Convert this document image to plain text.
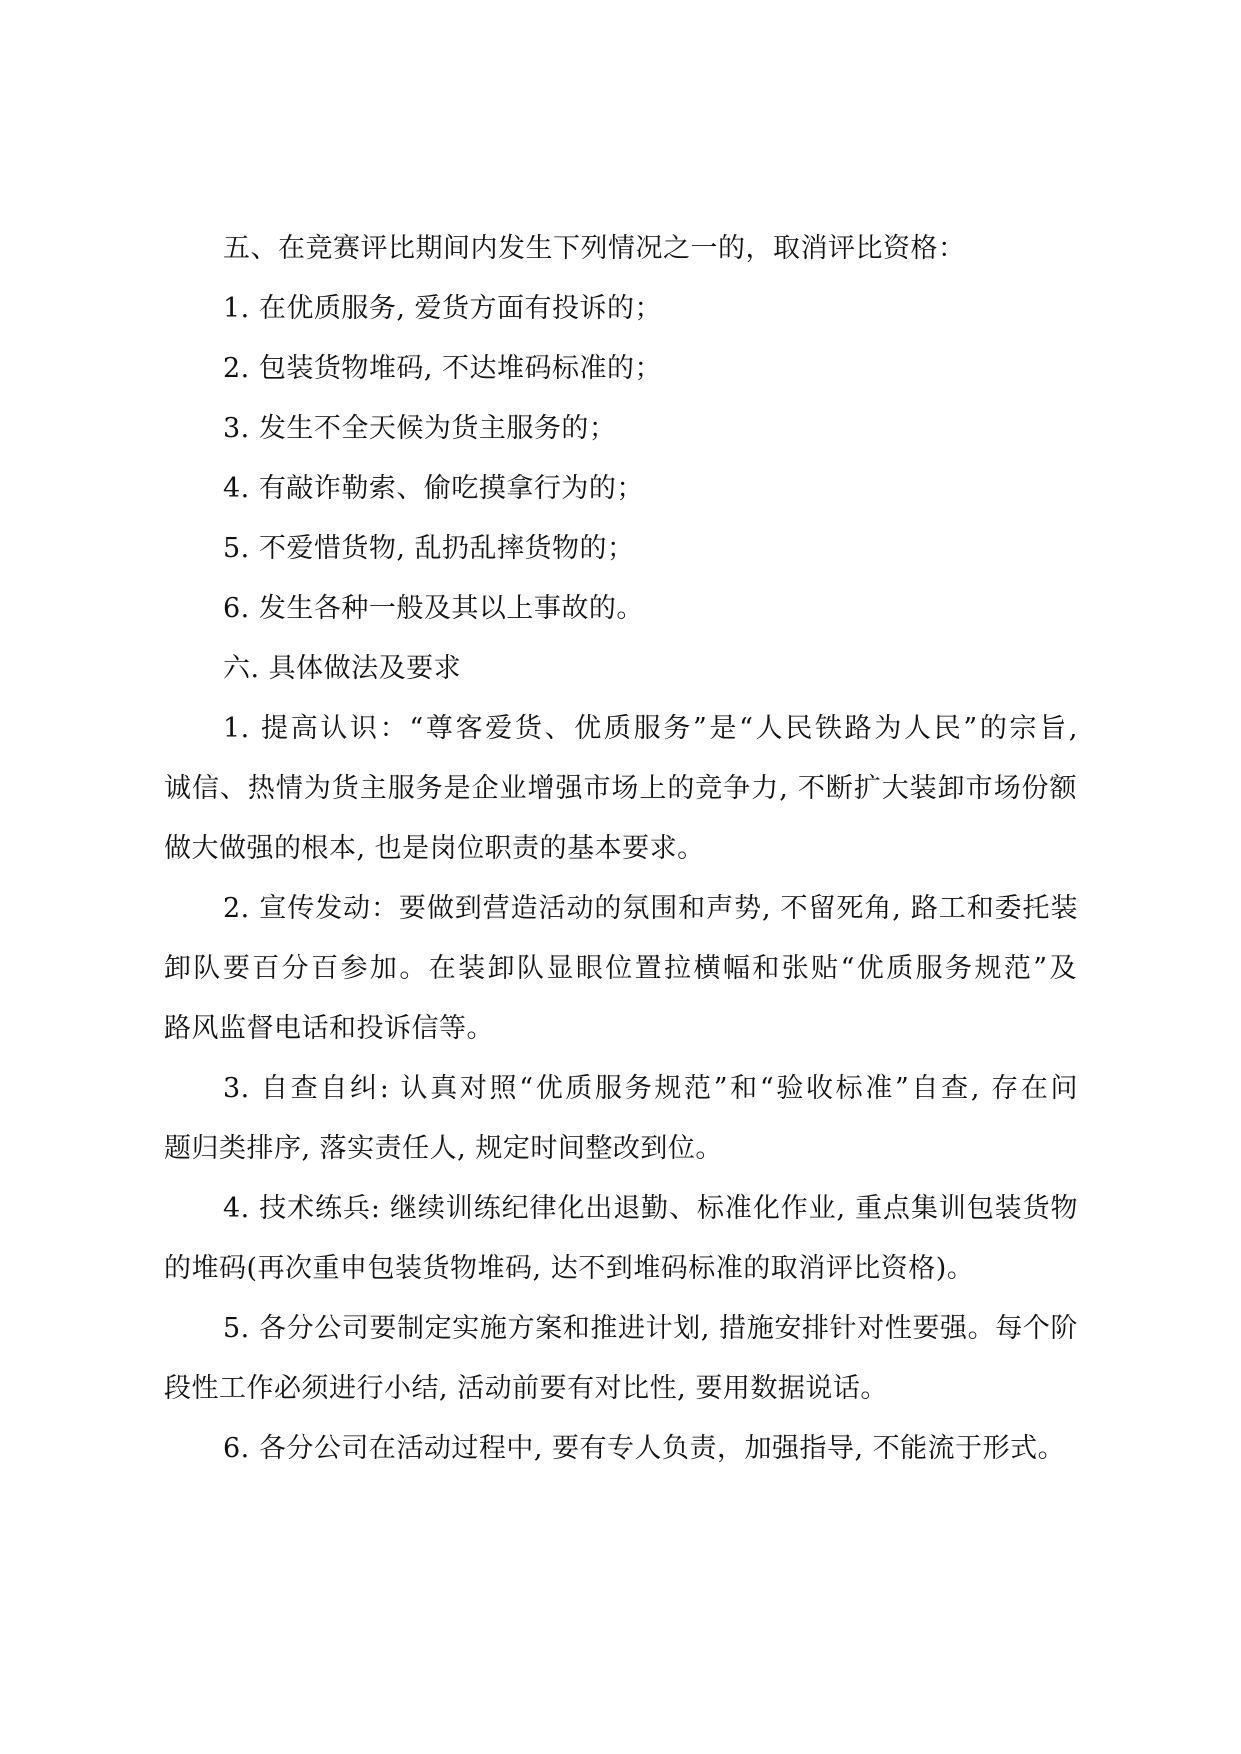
五、在竞赛评比期间内发生下列情况之一的，取消评比资格：

1. 在优质服务, 爱货方面有投诉的；

2. 包装货物堆码, 不达堆码标准的；

3. 发生不全天候为货主服务的；

4. 有敲诈勒索、偷吃摸拿行为的；

5. 不爱惜货物, 乱扔乱摔货物的；

6. 发生各种一般及其以上事故的。

六. 具体做法及要求

1. 提高认识：“尊客爱货、优质服务”是“人民铁路为人民”的宗旨,

诚信、热情为货主服务是企业增强市场上的竞争力, 不断扩大装卸市场份额

做大做强的根本, 也是岗位职责的基本要求。

2. 宣传发动：要做到营造活动的氛围和声势, 不留死角, 路工和委托装

卸队要百分百参加。在装卸队显眼位置拉横幅和张贴“优质服务规范”及

路风监督电话和投诉信等。

3. 自查自纠: 认真对照“优质服务规范”和“验收标准”自查, 存在问

题归类排序, 落实责任人, 规定时间整改到位。

4. 技术练兵: 继续训练纪律化出退勤、标准化作业, 重点集训包装货物

的堆码(再次重申包装货物堆码, 达不到堆码标准的取消评比资格)。

5. 各分公司要制定实施方案和推进计划, 措施安排针对性要强。每个阶

段性工作必须进行小结, 活动前要有对比性, 要用数据说话。

6. 各分公司在活动过程中, 要有专人负责，加强指导, 不能流于形式。
